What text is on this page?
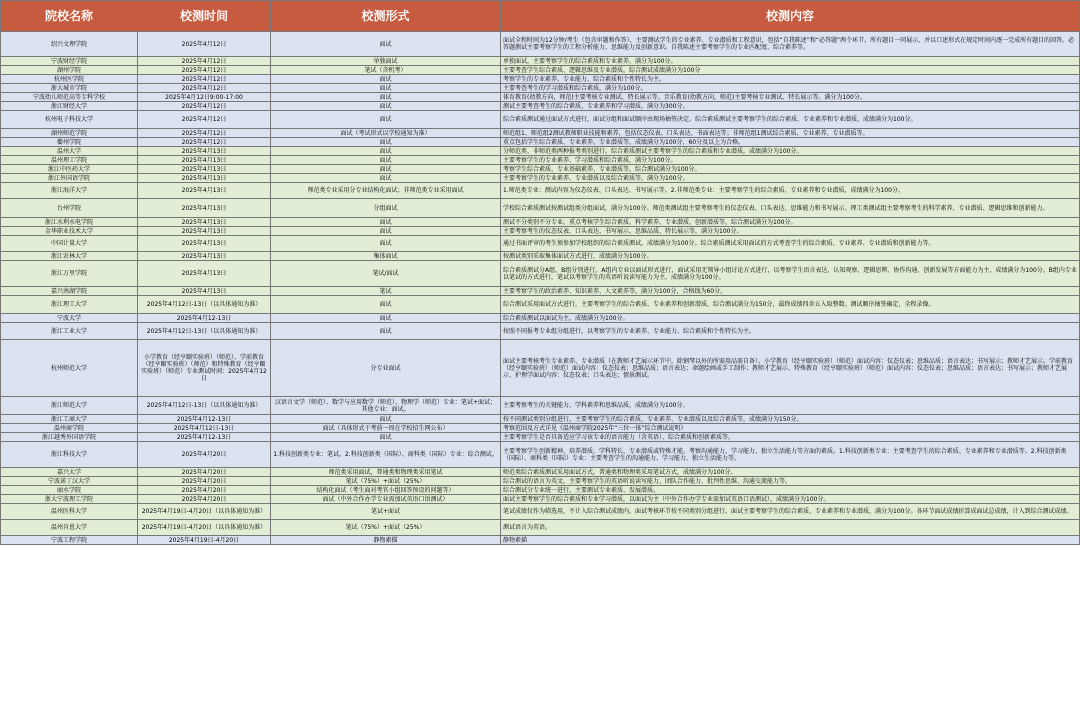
院校名称	校测时间	校测形式	校测内容
绍兴文理学院	2025年4月12日	面试	面试全程时间为12分钟/考生（包含审题和作答），主要测试学生的专业素养、专业潜质和工程意识，包括“自我陈述”和“必答题”两个环节。所有题目一同展示，并以口述形式在规定时间内逐一完成所有题目的回答。必答题测试主要考察学生的工程分析能力、思维能力及创新意识。自我陈述主要考察学生的专业匹配度、综合素养等。
宁波财经学院	2025年4月12日	单独面试	单独面试，主要考察学生的综合素质和专业素养，满分为100分。
湖州学院	2025年4月12日	笔试（含机考）	主要考查学生综合素质、逻辑思维及专业潜质，综合测试成绩满分为100分
杭州医学院	2025年4月12日	面试	考察学生的专业素养、专业能力、综合素质和个性特长为主。
浙大城市学院	2025年4月12日	面试	主要考查考生的学习潜质和综合素质，满分为100分。
宁波幼儿师范高等专科学校	2025年4月12日9:00-17:00	面试	体育教育(幼教方向，师范)主要考核专业测试、特长展示等。音乐教育(幼教方向，师范)主要考核专业测试、特长展示等。满分为100分。
浙江财经大学	2025年4月12日	面试	测试主要考查考生的综合素质、专业素养和学习潜质，满分为300分。
杭州电子科技大学	2025年4月12日	面试	综合素质测试通过面试方式进行，面试分组和面试顺序由现场抽签决定。综合素质测试主要考察学生的综合素质、专业素养和专业潜质，成绩满分为100分。
湖州师范学院	2025年4月12日	面试（考试形式以学校通知为准）	师范组1、师范组2测试教师职业技能和素养，包括仪态仪表、口头表达、书面表达等；非师范组1测试综合素质、专业素养、专业潜质等。
衢州学院	2025年4月12日	面试	重点包括学生综合素质、专业素养、专业潜质等，成绩满分为100分，60分及以上为合格。
温州大学	2025年4月13日	面试	分师范类、非师范类两种报考类别进行。综合素质测试主要考察学生的综合素质和专业潜质，成绩满分为100分。
温州理工学院	2025年4月13日	面试	主要考察学生的专业素养、学习潜质和综合素质，满分为100分。
浙江中医药大学	2025年4月13日	面试	考察学生综合素质、专业基础素养、专业潜质等，综合测试满分为100分。
浙江外国语学院	2025年4月13日	面试	主要考察学生的专业素养、专业潜质以及综合素质等，满分为100分。
浙江海洋大学	2025年4月13日	师范类专业采用分专业结构化面试；非师范类专业采用面试	1.师范类专业：测试内容为仪态仪表、口头表达、书写展示等。2.非师范类专业：主要考察学生的综合素质、专业素养和专业潜质，成绩满分为100分。
台州学院	2025年4月13日	分组面试	学校综合素质测试按测试组类分组面试，满分为100分。师范类测试组主要考察考生的仪态仪表、口头表达、思维能力和书写展示。理工类测试组主要考察考生的科学素养、专业潜质、逻辑思维和创新能力。
浙江水利水电学院	2025年4月13日	面试	测试不分类别不分专业，重点考核学生综合素质、科学素养、专业潜质、创新潜质等，综合测试满分为100分。
金华职业技术大学	2025年4月13日	面试	主要考察考生的仪态仪表、口头表达、书写展示、思维品质、特长展示等，满分为100分。
中国计量大学	2025年4月13日	面试	通过书面评审的考生须参加学校组织的综合素质测试，成绩满分为100分。综合素质测试采用面试的方式考查学生的综合素质、专业素养、专业潜质和创新能力等。
浙江农林大学	2025年4月13日	集体面试	按测试类别采取集体面试方式进行，成绩满分为100分。
浙江万里学院	2025年4月13日	笔试/面试	综合素质测试分A组、B组分别进行。A组内专业以面试形式进行，面试采用无领导小组讨论方式进行，以考察学生语言表达、认知观察、逻辑思辨、协作沟通、创新发展等方面能力为主，成绩满分为100分。B组内专业以笔试的方式进行，笔试以考察学生的英语听说读写能力为主，成绩满分为100分。
嘉兴南湖学院	2025年4月13日	笔试	主要考察学生的政治素养、知识素养、人文素养等，满分为100分，合格线为60分。
浙江理工大学	2025年4月12日-13日（以具体通知为准）	面试	综合测试采用面试方式进行，主要考察学生的综合素质、专业素养和创新潜质，综合测试满分为150分，最终成绩四舍五入取整数。测试顺序抽签确定，全程录像。
宁波大学	2025年4月12-13日	面试	综合素质测试以面试为主，成绩满分为100分。
浙江工业大学	2025年4月12日-13日（以具体通知为准）	面试	按照不同报考专业组分组进行，以考察学生的专业素养、专业能力、综合素质和个性特长为主。
杭州师范大学	小学教育（经亨颐实验班）（师范）、学前教育（经亨颐实验班）（师范）和特殊教育（经亨颐实验班）（师范）专业测试时间：2025年4月12日	分专业面试	面试主要考核考生专业素养、专业潜质（在教师才艺展示环节中，除钢琴以外的所需用品需自备）。小学教育（经亨颐实验班）（师范）面试内容：仪态仪表；思维品质；语言表达；书写展示；教师才艺展示。学前教育（经亨颐实验班）（师范）面试内容：仪态仪表；思维品质；语言表达；命题绘画或手工制作；教师才艺展示、特殊教育（经亨颐实验班）（师范）面试内容：仪态仪表；思维品质；语言表达；书写展示；教师才艺展示、护理学面试内容：仪态仪表；口头表达；情景测试。
浙江师范大学	2025年4月12日-13日（以具体通知为准）	汉语言文学（师范）、数学与应用数学（师范）、物理学（师范）专业：笔试+面试；其他专业：面试。	主要考察考生的关键能力、学科素养和思维品质，成绩满分为100分。
浙江工商大学	2025年4月12-13日	面试	按不同测试类别分组进行，主要考察学生的综合素质、专业素养、专业潜质以及综合素质等，成绩满分为150分。
温州商学院	2025年4月12日-13日	面试（具体形式于考前一周在学校招生网公布）	考察范围及方式详见《温州商学院2025年“三位一体”综合测试说明》
浙江越秀外国语学院	2025年4月12-13日	面试	主要考察学生是否具备适应学习该专业的语言能力（含英语）、综合素质和创新素质等。
浙江科技大学	2025年4月20日	1.科技创新类专业：笔试。2.科技创新类（国际）、商科类（国际）专业：综合测试。	主要考察学生创新精神，培养潜质、学科特长、专业潜质或特殊才能，考察沟通能力、学习能力、独立生活能力等方面的素质。1.科技创新类专业：主要考查学生的综合素质、专业素养和专业潜质等。2.科技创新类（国际）、商科类（国际）专业：主要考查学生的沟通能力、学习能力、独立生活能力等。
嘉兴大学	2025年4月20日	师范类采用面试，普通类和物理类采用笔试	师范类综合素质测试采用面试方式，普通类和物理类采用笔试方式，成绩满分为100分。
宁波诺丁汉大学	2025年4月20日	笔试（75%）+面试（25%）	综合测试的语言为英文，主要考察学生的英语听说读写能力、团队合作能力、批判性思维、沟通交流能力等。
丽水学院	2025年4月20日	结构化面试（考生面对考官小组回答预设的问题等）	综合测试分专业统一进行，主要测试专业素质、发展潜质。
浙大宁波理工学院	2025年4月20日	面试（中外合作办学专业需加试英语口语测试）	面试主要考察学生的综合素质和专业学习潜质，以面试为主（中外合作办学专业需加试英语口语测试），成绩满分为100分。
温州医科大学	2025年4月19日-4月20日（以具体通知为准）	笔试+面试	笔试成绩仅作为筛选用，不计入综合测试成绩内。面试考核环节按不同类别分组进行。面试主要考察学生的综合素质、专业素养和专业潜质，满分为100分。各环节面试成绩折算成面试总成绩，计入到综合测试成绩。
温州肯恩大学	2025年4月19日-4月20日（以具体通知为准）	笔试（75%）+面试（25%）	测试语言为英语。
宁波工程学院	2025年4月19日-4月20日	静物素描	静物素描
